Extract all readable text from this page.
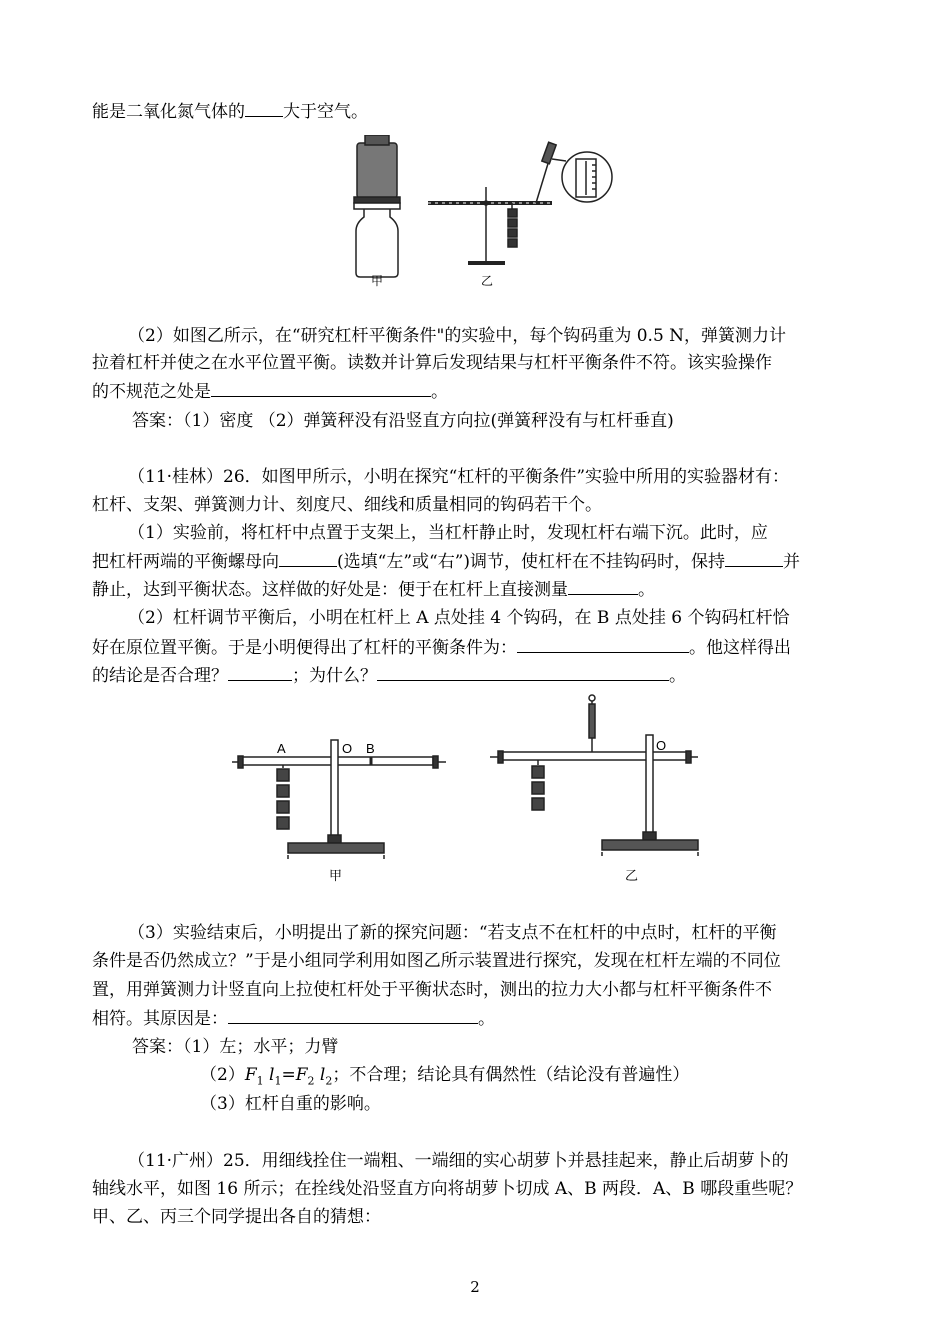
能是二氧化氮气体的 大于空气。
甲	乙
（2）如图乙所示，在“研究杠杆平衡条件"的实验中，每个钩码重为 0.5 N，弹簧测力计
拉着杠杆并使之在水平位置平衡。读数并计算后发现结果与杠杆平衡条件不符。该实验操作
的不规范之处是	。
答案：（1）密度 （2）弹簧秤没有沿竖直方向拉(弹簧秤没有与杠杆垂直)
（11·桂林）26．如图甲所示，小明在探究“杠杆的平衡条件”实验中所用的实验器材有：
杠杆、支架、弹簧测力计、刻度尺、细线和质量相同的钩码若干个。
（1）实验前，将杠杆中点置于支架上，当杠杆静止时，发现杠杆右端下沉。此时，应
把杠杆两端的平衡螺母向	(选填“左”或“右”)调节，使杠杆在不挂钩码时，保持	并
静止，达到平衡状态。这样做的好处是：便于在杠杆上直接测量	。
（2）杠杆调节平衡后，小明在杠杆上 A 点处挂 4 个钩码，在 B 点处挂 6 个钩码杠杆恰
好在原位置平衡。于是小明便得出了杠杆的平衡条件为：	。他这样得出
的结论是否合理？	；为什么？	。
A	O B
甲
O
乙
（3）实验结束后，小明提出了新的探究问题：“若支点不在杠杆的中点时，杠杆的平衡
条件是否仍然成立？”于是小组同学利用如图乙所示装置进行探究，发现在杠杆左端的不同位
置，用弹簧测力计竖直向上拉使杠杆处于平衡状态时，测出的拉力大小都与杠杆平衡条件不
相符。其原因是：	。
答案：（1）左；水平；力臂
$(2)F_1$ $l_1=F_2$ $l_2$；不合理；结论具有偶然性（结论没有普遍性）
（3）杠杆自重的影响。
（11·广州）25．用细线拴住一端粗、一端细的实心胡萝卜并悬挂起来，静止后胡萝卜的
轴线水平，如图 16 所示；在拴线处沿竖直方向将胡萝卜切成 A、B 两段．A、B 哪段重些呢？
甲、乙、丙三个同学提出各自的猜想：
2
